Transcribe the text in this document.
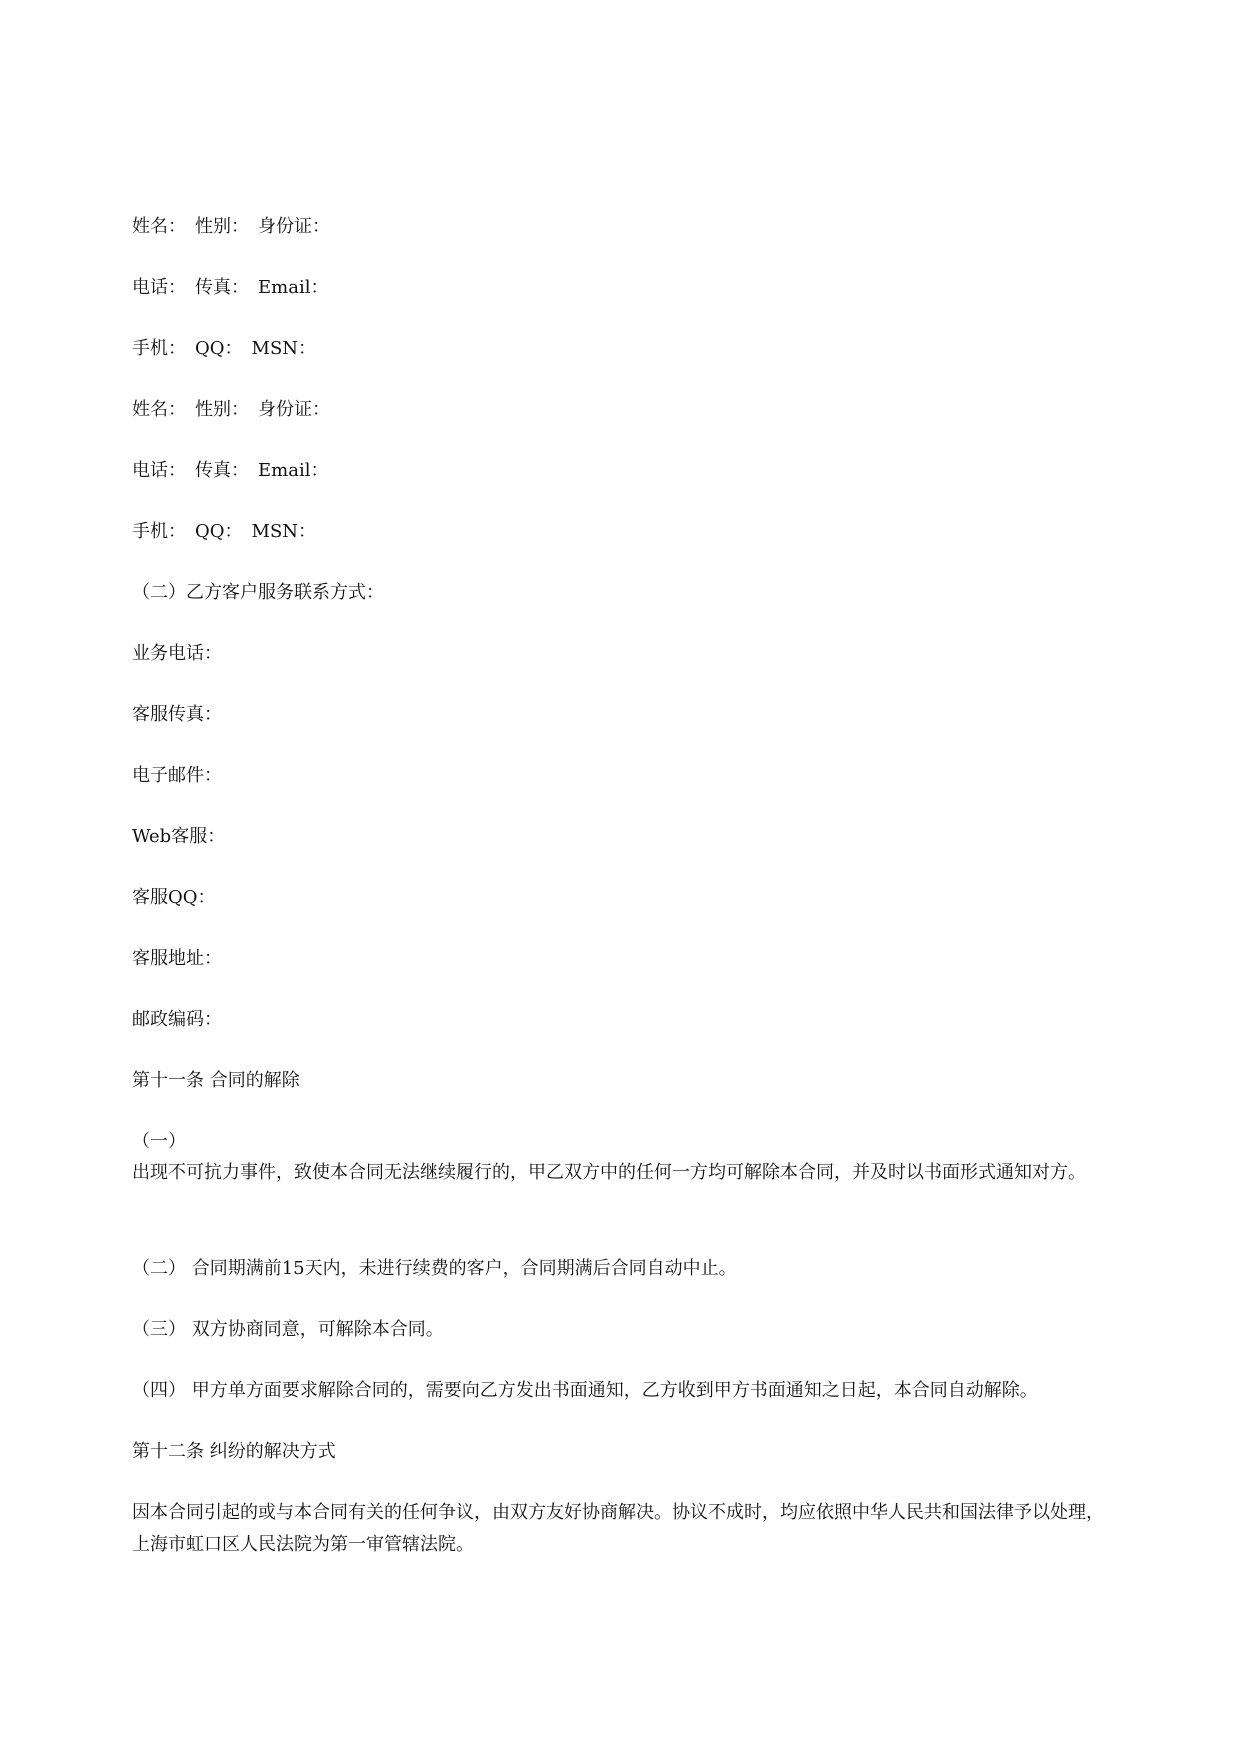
姓名： 性别： 身份证：
电话： 传真： Email：
手机： QQ： MSN：
姓名： 性别： 身份证：
电话： 传真： Email：
手机： QQ： MSN：
（二）乙方客户服务联系方式：
业务电话：
客服传真：
电子邮件：
Web客服：
客服QQ：
客服地址：
邮政编码：
第十一条 合同的解除
（一）
出现不可抗力事件，致使本合同无法继续履行的，甲乙双方中的任何一方均可解除本合同，并及时以书面形式通知对方。
（二） 合同期满前15天内，未进行续费的客户，合同期满后合同自动中止。
（三） 双方协商同意，可解除本合同。
（四） 甲方单方面要求解除合同的，需要向乙方发出书面通知，乙方收到甲方书面通知之日起，本合同自动解除。
第十二条 纠纷的解决方式
因本合同引起的或与本合同有关的任何争议，由双方友好协商解决。协议不成时，均应依照中华人民共和国法律予以处理，上海市虹口区人民法院为第一审管辖法院。
